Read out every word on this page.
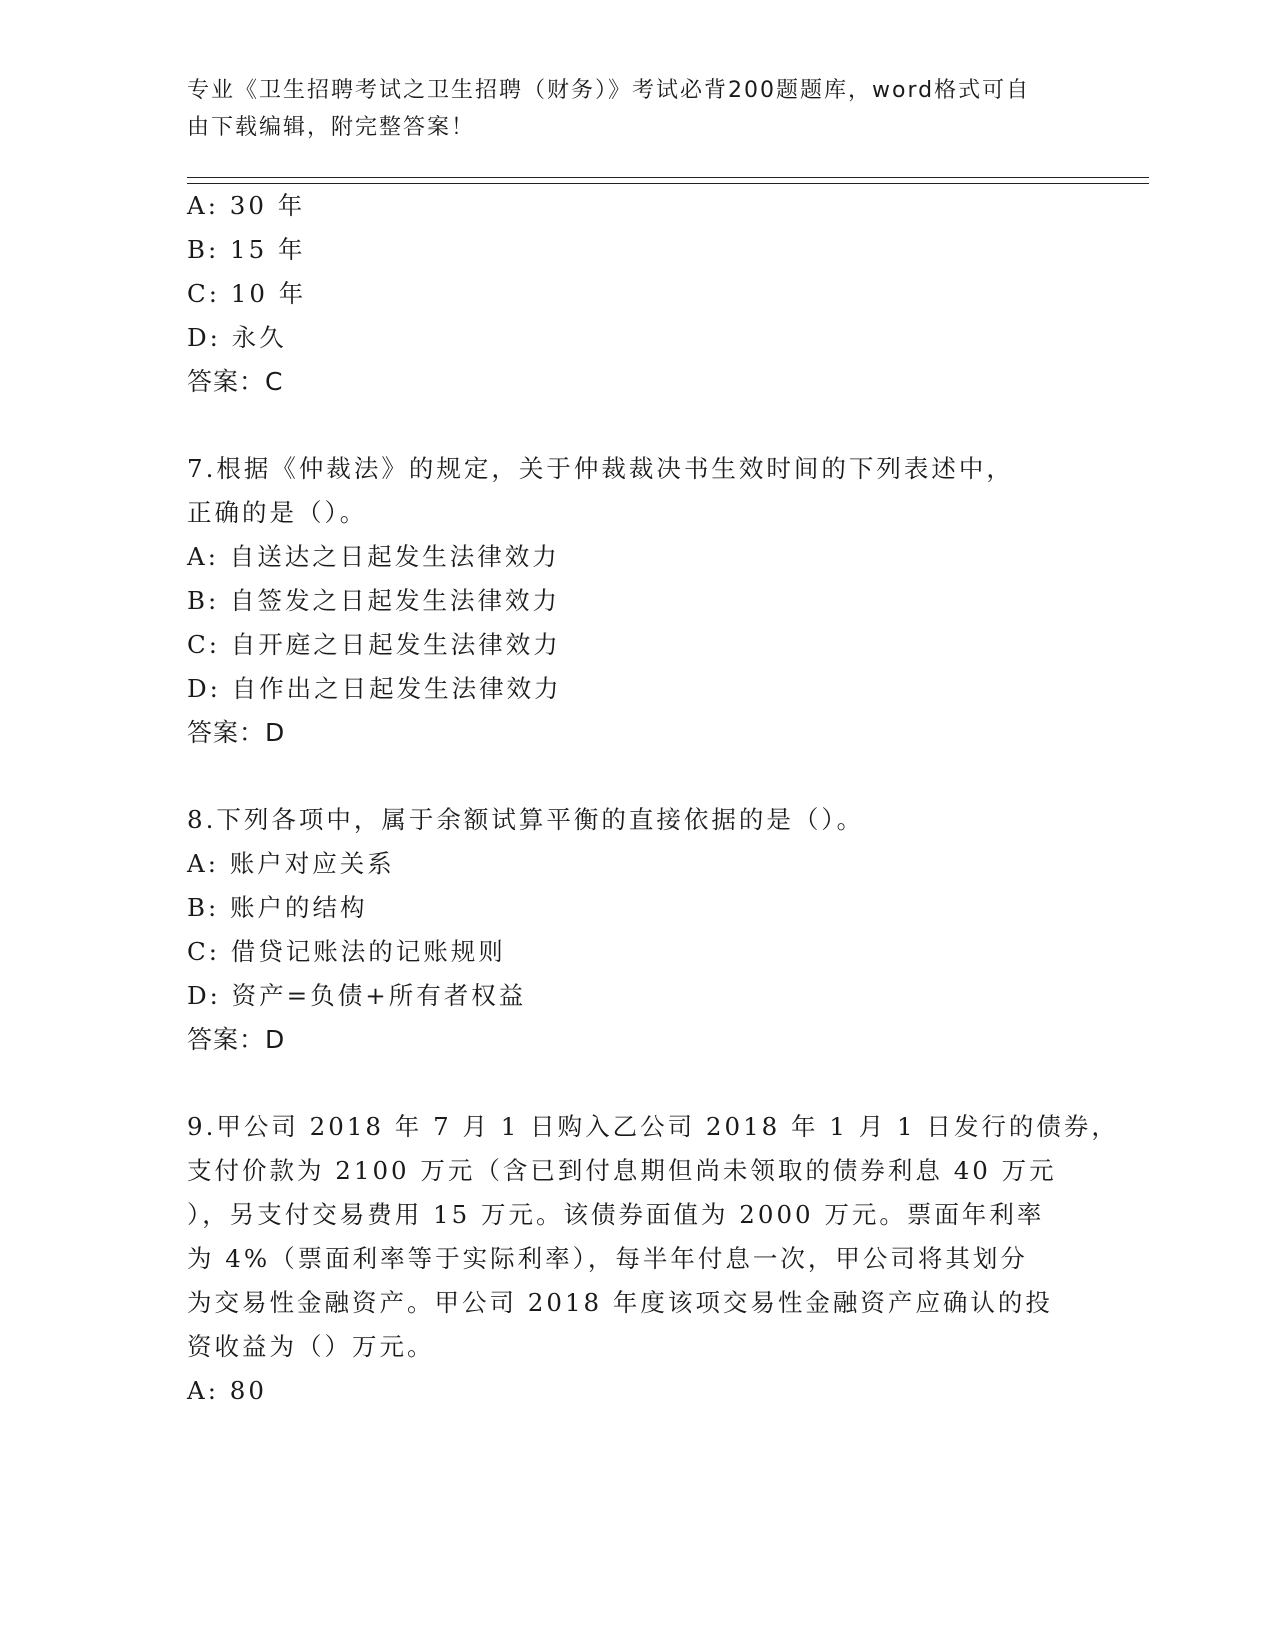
专业《卫生招聘考试之卫生招聘（财务）》考试必背200题题库，word格式可自
由下载编辑，附完整答案！
A: 30 年
B: 15 年
C: 10 年
D: 永久
答案：C
7.根据《仲裁法》的规定，关于仲裁裁决书生效时间的下列表述中，
正确的是（）。
A: 自送达之日起发生法律效力
B: 自签发之日起发生法律效力
C: 自开庭之日起发生法律效力
D: 自作出之日起发生法律效力
答案：D
8.下列各项中，属于余额试算平衡的直接依据的是（）。
A: 账户对应关系
B: 账户的结构
C: 借贷记账法的记账规则
D: 资产=负债+所有者权益
答案：D
9.甲公司 2018 年 7 月 1 日购入乙公司 2018 年 1 月 1 日发行的债券，
支付价款为 2100 万元（含已到付息期但尚未领取的债券利息 40 万元
），另支付交易费用 15 万元。该债券面值为 2000 万元。票面年利率
为 4%（票面利率等于实际利率），每半年付息一次，甲公司将其划分
为交易性金融资产。甲公司 2018 年度该项交易性金融资产应确认的投
资收益为（）万元。
A: 80
